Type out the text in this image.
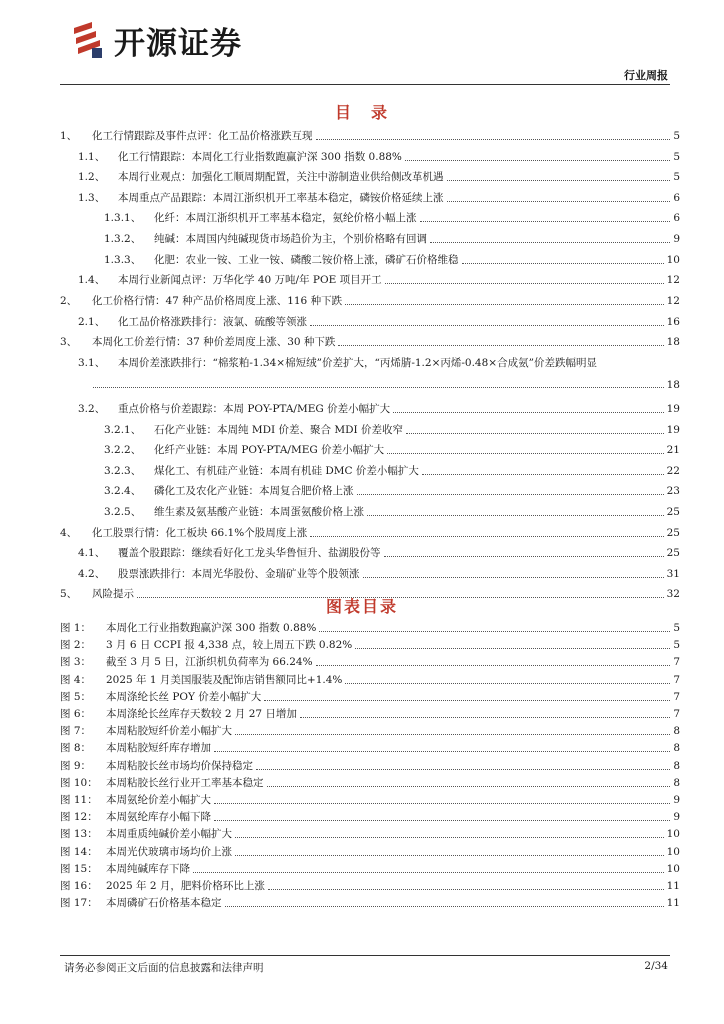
开源证券
行业周报
目　录
1、	化工行情跟踪及事件点评：化工品价格涨跌互现	5
1.1、	化工行情跟踪：本周化工行业指数跑赢沪深 300 指数 0.88%	5
1.2、	本周行业观点：加强化工顺周期配置，关注中游制造业供给侧改革机遇	5
1.3、	本周重点产品跟踪：本周江浙织机开工率基本稳定，磷铵价格延续上涨	6
1.3.1、	化纤：本周江浙织机开工率基本稳定，氨纶价格小幅上涨	6
1.3.2、	纯碱：本周国内纯碱现货市场趋价为主，个别价格略有回调	9
1.3.3、	化肥：农业一铵、工业一铵、磷酸二铵价格上涨，磷矿石价格维稳	10
1.4、	本周行业新闻点评：万华化学 40 万吨/年 POE 项目开工	12
2、	化工价格行情：47 种产品价格周度上涨、116 种下跌	12
2.1、	化工品价格涨跌排行：液氯、硫酸等领涨	16
3、	本周化工价差行情：37 种价差周度上涨、30 种下跌	18
3.1、	本周价差涨跌排行：“棉浆粕-1.34×棉短绒”价差扩大，“丙烯腈-1.2×丙烯-0.48×合成氨”价差跌幅明显
18
3.2、	重点价格与价差跟踪：本周 POY-PTA/MEG 价差小幅扩大	19
3.2.1、	石化产业链：本周纯 MDI 价差、聚合 MDI 价差收窄	19
3.2.2、	化纤产业链：本周 POY-PTA/MEG 价差小幅扩大	21
3.2.3、	煤化工、有机硅产业链：本周有机硅 DMC 价差小幅扩大	22
3.2.4、	磷化工及农化产业链：本周复合肥价格上涨	23
3.2.5、	维生素及氨基酸产业链：本周蛋氨酸价格上涨	25
4、	化工股票行情：化工板块 66.1%个股周度上涨	25
4.1、	覆盖个股跟踪：继续看好化工龙头华鲁恒升、盐湖股份等	25
4.2、	股票涨跌排行：本周光华股份、金瑞矿业等个股领涨	31
5、	风险提示	32
图表目录
图 1：	本周化工行业指数跑赢沪深 300 指数 0.88%	5
图 2：	3 月 6 日 CCPI 报 4,338 点，较上周五下跌 0.82%	5
图 3：	截至 3 月 5 日，江浙织机负荷率为 66.24%	7
图 4：	2025 年 1 月美国服装及配饰店销售额同比+1.4%	7
图 5：	本周涤纶长丝 POY 价差小幅扩大	7
图 6：	本周涤纶长丝库存天数较 2 月 27 日增加	7
图 7：	本周粘胶短纤价差小幅扩大	8
图 8：	本周粘胶短纤库存增加	8
图 9：	本周粘胶长丝市场均价保持稳定	8
图 10： 本周粘胶长丝行业开工率基本稳定	8
图 11： 本周氨纶价差小幅扩大	9
图 12： 本周氨纶库存小幅下降	9
图 13： 本周重质纯碱价差小幅扩大	10
图 14： 本周光伏玻璃市场均价上涨	10
图 15： 本周纯碱库存下降	10
图 16： 2025 年 2 月，肥料价格环比上涨	11
图 17： 本周磷矿石价格基本稳定	11
请务必参阅正文后面的信息披露和法律声明	2/34
